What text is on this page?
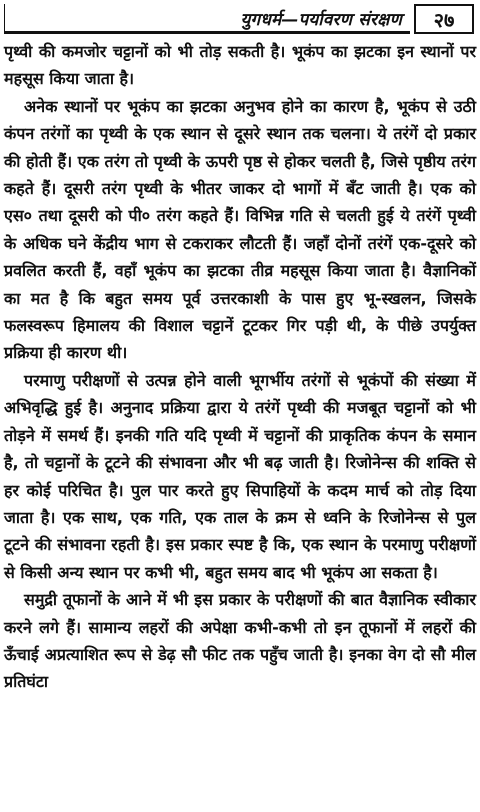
युगधर्म—पर्यावरण संरक्षण	२७

पृथ्वी की कमजोर चट्टानों को भी तोड़ सकती है। भूकंप का झटका इन स्थानों पर महसूस किया जाता है।

अनेक स्थानों पर भूकंप का झटका अनुभव होने का कारण है, भूकंप से उठी कंपन तरंगों का पृथ्वी के एक स्थान से दूसरे स्थान तक चलना। ये तरंगें दो प्रकार की होती हैं। एक तरंग तो पृथ्वी के ऊपरी पृष्ठ से होकर चलती है, जिसे पृष्ठीय तरंग कहते हैं। दूसरी तरंग पृथ्वी के भीतर जाकर दो भागों में बँट जाती है। एक को एस० तथा दूसरी को पी० तरंग कहते हैं। विभिन्न गति से चलती हुई ये तरंगें पृथ्वी के अधिक घने केंद्रीय भाग से टकराकर लौटती हैं। जहाँ दोनों तरंगें एक-दूसरे को प्रवलित करती हैं, वहाँ भूकंप का झटका तीव्र महसूस किया जाता है। वैज्ञानिकों का मत है कि बहुत समय पूर्व उत्तरकाशी के पास हुए भू-स्खलन, जिसके फलस्वरूप हिमालय की विशाल चट्टानें टूटकर गिर पड़ी थी, के पीछे उपर्युक्त प्रक्रिया ही कारण थी।

परमाणु परीक्षणों से उत्पन्न होने वाली भूगर्भीय तरंगों से भूकंपों की संख्या में अभिवृद्धि हुई है। अनुनाद प्रक्रिया द्वारा ये तरंगें पृथ्वी की मजबूत चट्टानों को भी तोड़ने में समर्थ हैं। इनकी गति यदि पृथ्वी में चट्टानों की प्राकृतिक कंपन के समान है, तो चट्टानों के टूटने की संभावना और भी बढ़ जाती है। रिजोनेन्स की शक्ति से हर कोई परिचित है। पुल पार करते हुए सिपाहियों के कदम मार्च को तोड़ दिया जाता है। एक साथ, एक गति, एक ताल के क्रम से ध्वनि के रिजोनेन्स से पुल टूटने की संभावना रहती है। इस प्रकार स्पष्ट है कि, एक स्थान के परमाणु परीक्षणों से किसी अन्य स्थान पर कभी भी, बहुत समय बाद भी भूकंप आ सकता है।

समुद्री तूफानों के आने में भी इस प्रकार के परीक्षणों की बात वैज्ञानिक स्वीकार करने लगे हैं। सामान्य लहरों की अपेक्षा कभी-कभी तो इन तूफानों में लहरों की ऊँचाई अप्रत्याशित रूप से डेढ़ सौ फीट तक पहुँच जाती है। इनका वेग दो सौ मील प्रतिघंटा
